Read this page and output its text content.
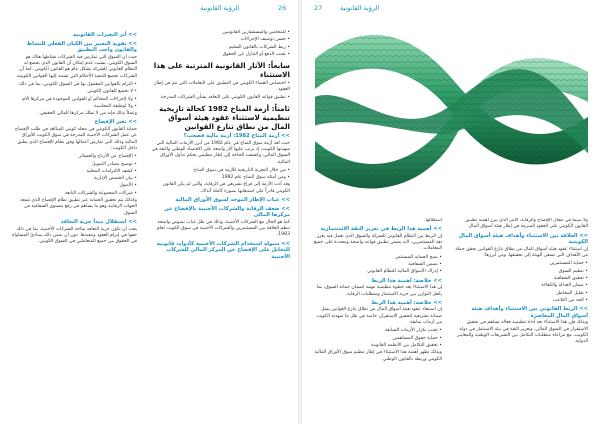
الرؤية القانونية	26
>> أثر التغيرات القانونية
>> تقوية التعبير بين الكيان الفعلي للنشاط والقانون واجب التطبيق
حيث أن السوق التي تمارس فيه الشركات نشاطها هناك هو السوق الكويتي، بسبب عدم إمكان أن القانون الذي يخضع له النظام القانوني للشركة بشكل عام هو القانون الكويتي، كما أن الشركات تخضع للتنفيذ الأحكام التي تستند إليها القوانين الكويتية.
• التزام بالقوانين المعمول بها في السوق الكويتي، بما في ذلك:
• لا تخضع للقانون الكويتي
• ولا لإجراءات المحاكم أو القوانين الموجودة في مركزها الأم.
• ولا لوظيفة المحاسبة.
وعملاً بذلك فإنه من لا تملك مركزها المالي الحقيقي.
>> تغير الإفصاح
حماية القانون الكويتي في مجلد كويتي المبالغة في طلب الإفصاح عن عمل الشركات الأجنبية المدرجة في سوق الكويت للأوراق المالية وذلك التي تمارس أعمالها وفق نظام الإفصاح الذي يطبق داخل الكويت:
• الإفصاح عن الأرباح والخسائر
• توضيح مصادر التمويل
• كشف الالتزامات المحلية
• بيان الحصص الإدارية
• الأصول
• شركات المجموعة والشركات التابعة
وكذلك يتم تحقيق الحماية عبر تطبيق نظام الإفصاح الذي تضعه الجهات الرقابية وهو ما يساهم في رفع مستوى الشفافية في السوق.
>> استقلال مبدأ حرية التعاقد
يجب أن تكون حرية التعاقد متاحة للشركات الأجنبية، بما في ذلك حقها في إبرام العقود وتنفيذها، دون أن يمس ذلك بمبادئ المساواة في الحقوق بين جميع المتعاملين في السوق الكويتي.
• للمحامين والمستشارين القانونيين
• حسن توصيف الإجراءات
• ربط الشركات بالقانون السليم
• تجنب الدفع أو التنازل عن الحقوق
سابعاً: الآثار القانونية المترتبة على هذا الاستثناء
• اختصاص القضاء الكويتي في التطبيق على التعاملات التي تتم في إطار العقود.
• تطبيق قواعد القانون الكويتي على التعاقد بشأن الشركات المدرجة.
ثامناً: أزمة المناخ 1982 كحالة تاريخية تنظيمية لاستثناء عقود هيئة أسواق المال من نطاق تنازع القوانين
>> أزمة المناخ 1982: أزمة مالية فضحت؟
حيث تُعد أزمة سوق المناخ في عام 1982 من أبرز الأزمات المالية التي شهدتها الكويت، إذ ترتب عليها آثار واسعة على الاقتصاد الوطني والثقة في السوق المالي، وكشفت الحاجة إلى إطار تنظيمي يحكم تداول الأوراق المالية.
• من خلال التجربة التاريخية للأزمة في سوق المناخ
• ومن أمثلة سوق المناخ عام 1982
وقد أدت الأزمة إلى فراغ تشريعي في الرقابة، والتي لم يكن القانون الكويتي قادراً على استيعابها بصورة كاملة آنذاك.
>> غياب الإطار الموحد لسوق الأوراق المالية
>> ضعف الرقابة والشركات الأجنبية بالإفصاح عن مركزها المالي
كما هو الحال مع الشركات الأجنبية، وذلك في ظل غياب نصوص واضحة تنظم العلاقة بين المستثمرين والشركات الأجنبية في سوق الكويت لعام 1983.
>> سيولة استخدام الشركات الأجنبية كأدوات قانونية للتحايل على الإفصاح عن المركز المالي للشركات الأجنبية
27	الرؤية القانونية
استقلالها.
>> أهمية هذا الربط في تعزيز الثقة الاستثمارية
إن الربط بين النظام القانوني للشركة والسوق الذي تعمل فيه يعزز ثقة المستثمرين، لأنه يضمن تطبيق قواعد واضحة ومحددة على جميع المعاملات.
• يمنح الحماية للمستثمر
• يضمن الشفافية
• إدراك الأسواق المالية للنظام القانوني
>> خلاصة: أهمية هذا الربط
إن هذا الاستثناء يعد خطوة تنظيمية مهمة لضمان حماية السوق، بما يكفل التوازن بين حرية الاستثمار ومتطلبات الرقابة.
>> خلاصة: أهمية هذا الربط
إن استبعاد عقود هيئة أسواق المال من نطاق تنازع القوانين يمثل ضمانة تشريعية لتحقيق الاستقرار، خاصة في ظل ما شهدته الكويت من أزمات سابقة.
• تجنب تكرار الأزمات السابقة
• حماية حقوق المساهمين
• تحقيق التكامل بين الأنظمة القانونية
وبذلك تظهر أهمية هذا الاستثناء في إطار تنظيم سوق الأوراق المالية الكويتي وربطه بالقانون الوطني.
ولا سيما في مجال الإفصاح والرقابة، الأمر الذي يبرز أهمية تطبيق القانون الكويتي على العقود المبرمة في إطار هيئة أسواق المال.
>> العلاقة بين الاستثناء وأهداف هيئة أسواق المال الكويتية
إن استثناء عقود هيئة أسواق المال من نطاق تنازع القوانين يحقق جملة من الأهداف التي تسعى الهيئة إلى تحقيقها، ومن أبرزها:
• حماية المستثمرين
• تنظيم السوق
• تحقيق الشفافية
• ضمان العدالة والكفاءة
• تقليل المخاطر
• الحد من التلاعب
>> الربط القانوني بين الاستثناء وأهداف هيئة أسواق المال المعاصرة
وبذلك فإن هذا الاستثناء يعد أداة تنظيمية فعالة تساهم في تحقيق الاستقرار في السوق المالي، وتعزيز الثقة في بيئة الاستثمار في دولة الكويت، مع مراعاة متطلبات التكامل بين التشريعات الوطنية والمعايير الدولية.
